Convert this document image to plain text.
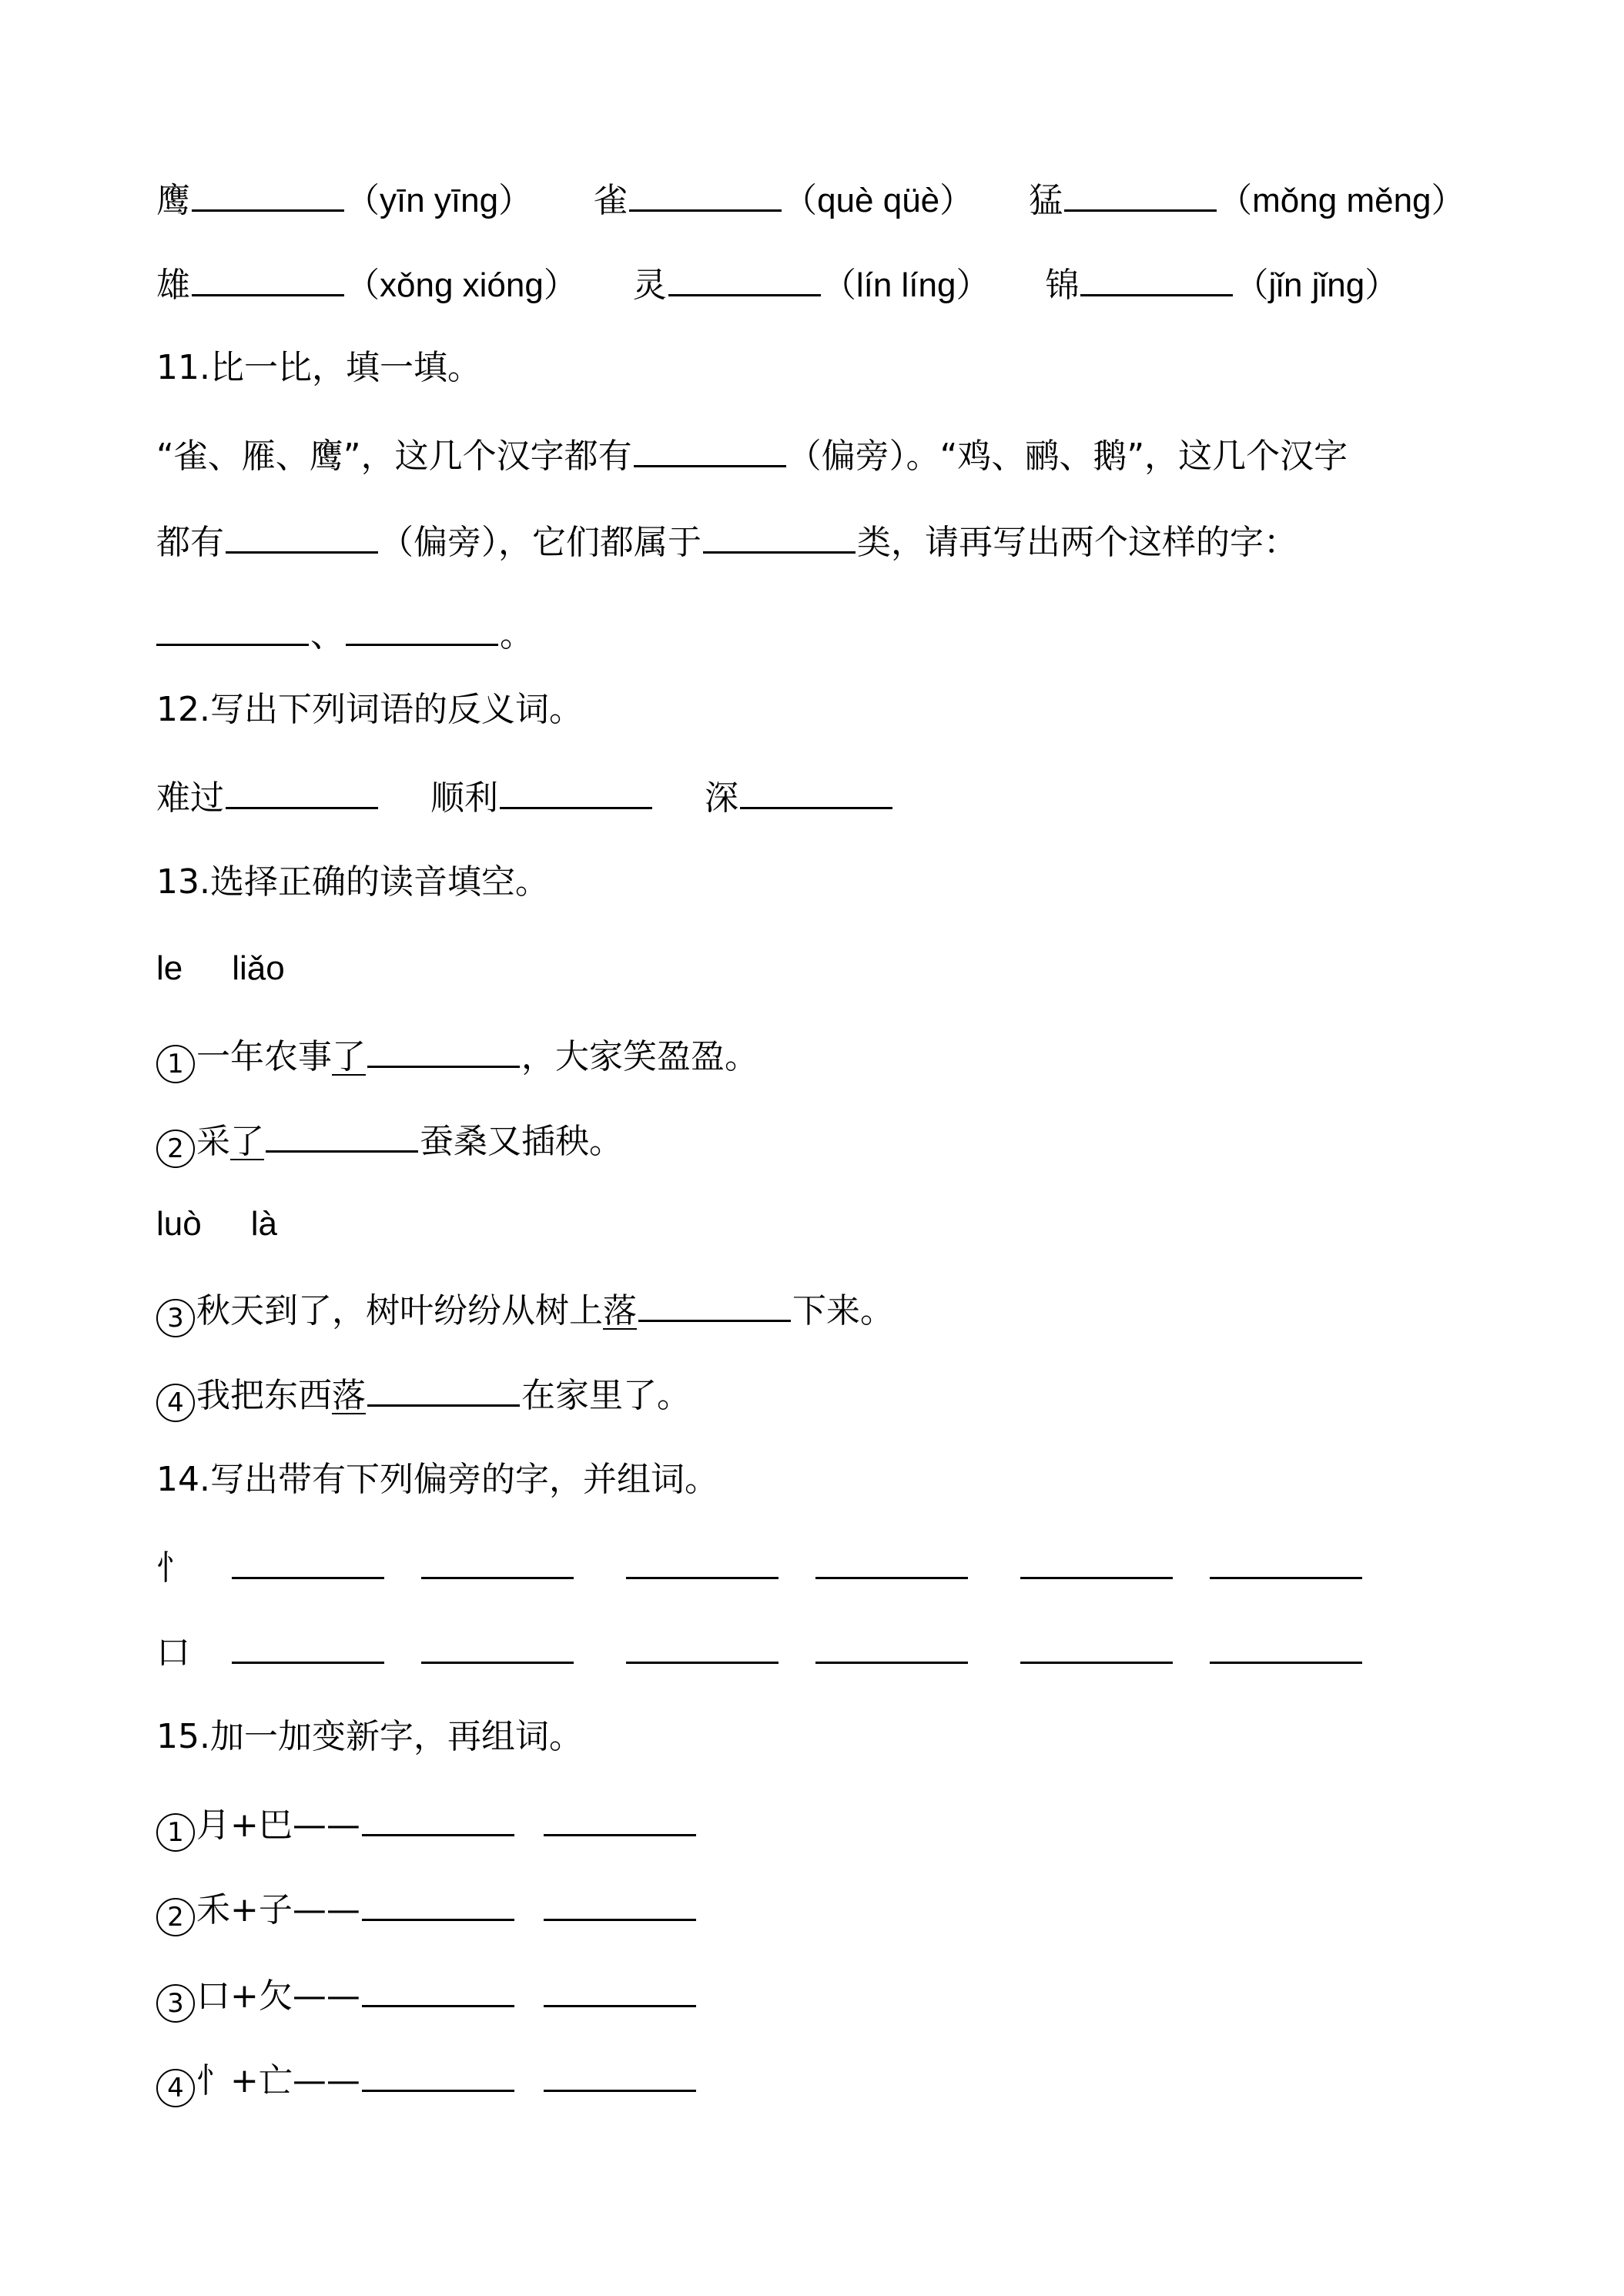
鹰	（yīn yīng） 雀	（què qüè） 猛	（mǒng měng）
雄	（xǒng xióng） 灵	（lín líng） 锦	（jǐn jǐng）
11.比一比，填一填。
“雀、雁、鹰”，这几个汉字都有	（偏旁）。“鸡、鹂、鹅”，这几个汉字
都有	（偏旁），它们都属于	类，请再写出两个这样的字：
、	。
12.写出下列词语的反义词。
难过	顺利	深
13.选择正确的读音填空。
le liǎo
1 一年农事了	，大家笑盈盈。
2 采了	蚕桑又插秧。
luò là
3 秋天到了，树叶纷纷从树上落	下来。
4 我把东西落	在家里了。
14.写出带有下列偏旁的字，并组词。
忄
口
15.加一加变新字，再组词。
1 月+巴——
2 禾+子——
3 口+欠——
4 忄+亡——
